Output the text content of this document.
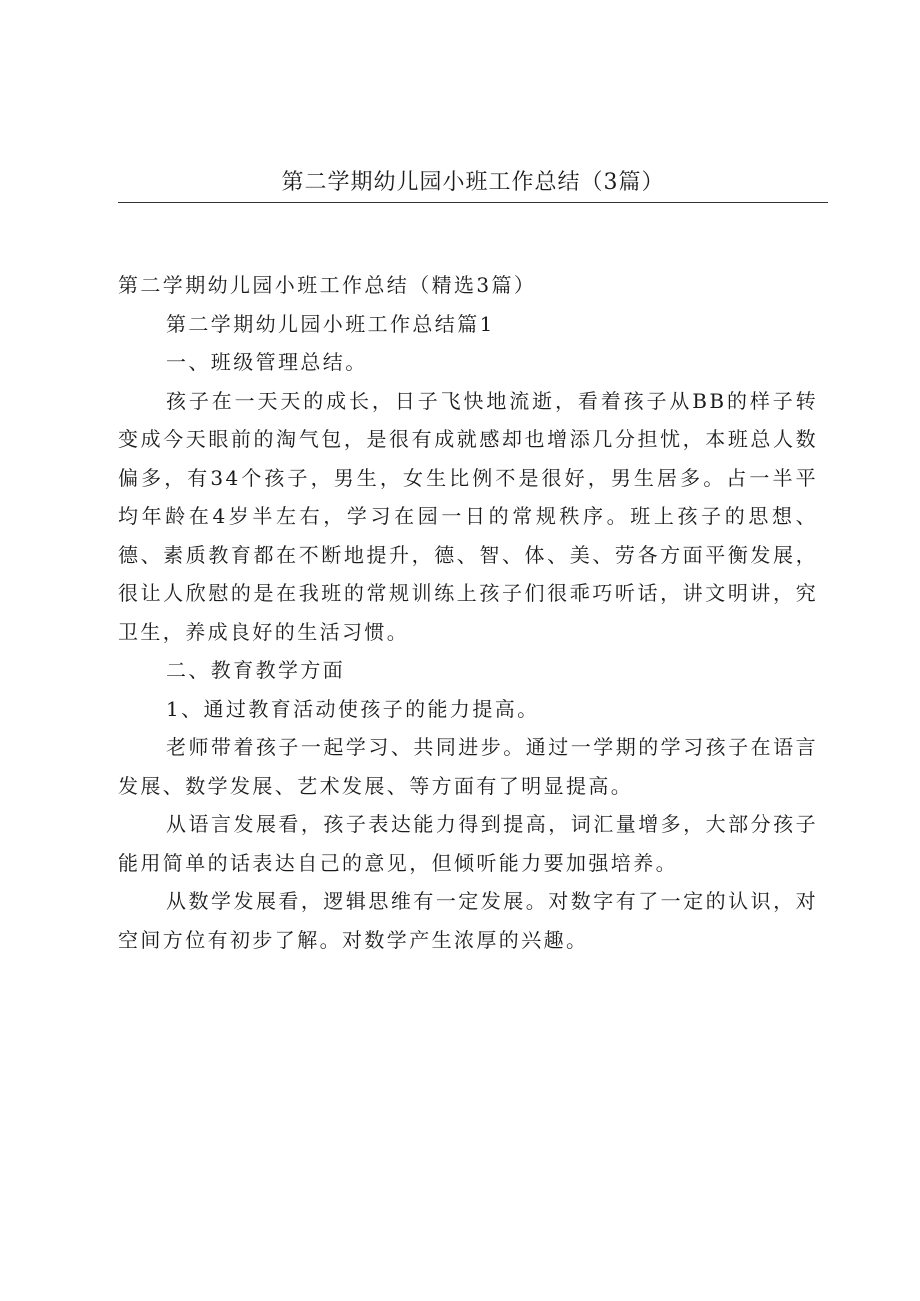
第二学期幼儿园小班工作总结（3篇）

第二学期幼儿园小班工作总结（精选3篇）

第二学期幼儿园小班工作总结篇1

一、班级管理总结。

孩子在一天天的成长，日子飞快地流逝，看着孩子从BB的样子转变成今天眼前的淘气包，是很有成就感却也增添几分担忧，本班总人数偏多，有34个孩子，男生，女生比例不是很好，男生居多。占一半平均年龄在4岁半左右，学习在园一日的常规秩序。班上孩子的思想、德、素质教育都在不断地提升，德、智、体、美、劳各方面平衡发展，很让人欣慰的是在我班的常规训练上孩子们很乖巧听话，讲文明讲，究卫生，养成良好的生活习惯。

二、教育教学方面

1、通过教育活动使孩子的能力提高。

老师带着孩子一起学习、共同进步。通过一学期的学习孩子在语言发展、数学发展、艺术发展、等方面有了明显提高。

从语言发展看，孩子表达能力得到提高，词汇量增多，大部分孩子能用简单的话表达自己的意见，但倾听能力要加强培养。

从数学发展看，逻辑思维有一定发展。对数字有了一定的认识，对空间方位有初步了解。对数学产生浓厚的兴趣。
